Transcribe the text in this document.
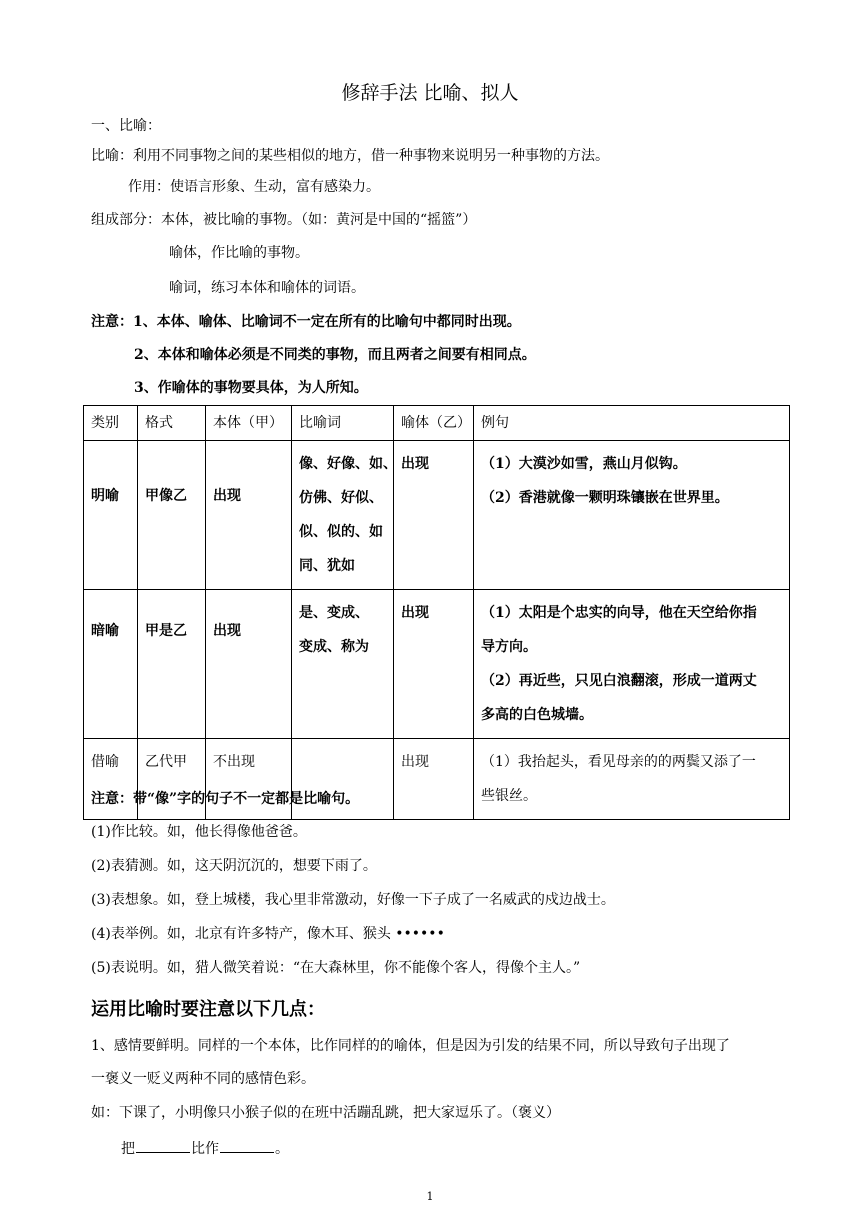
修辞手法 比喻、拟人
一、比喻：
比喻：利用不同事物之间的某些相似的地方，借一种事物来说明另一种事物的方法。
作用：使语言形象、生动，富有感染力。
组成部分：本体，被比喻的事物。（如：黄河是中国的“摇篮”）
喻体，作比喻的事物。
喻词，练习本体和喻体的词语。
注意：1、本体、喻体、比喻词不一定在所有的比喻句中都同时出现。
2、本体和喻体必须是不同类的事物，而且两者之间要有相同点。
3、作喻体的事物要具体，为人所知。
类别	格式	本体（甲）	比喻词	喻体（乙）	例句
明喻	甲像乙	出现	像、好像、如、
仿佛、好似、
似、似的、如
同、犹如	出现	（1）大漠沙如雪，燕山月似钩。
（2）香港就像一颗明珠镶嵌在世界里。

暗喻	甲是乙	出现	是、变成、
变成、称为	出现	（1）太阳是个忠实的向导，他在天空给你指
导方向。
（2）再近些，只见白浪翻滚，形成一道两丈
多高的白色城墙。

借喻	乙代甲	不出现		出现	（1）我抬起头，看见母亲的的两鬓又添了一
些银丝。
注意：带“像”字的句子不一定都是比喻句。
(1)作比较。如，他长得像他爸爸。
(2)表猜测。如，这天阴沉沉的，想要下雨了。
(3)表想象。如，登上城楼，我心里非常激动，好像一下子成了一名威武的戍边战士。
(4)表举例。如，北京有许多特产，像木耳、猴头 ••••••
(5)表说明。如，猎人微笑着说：“在大森林里，你不能像个客人，得像个主人。”
运用比喻时要注意以下几点：
1、感情要鲜明。同样的一个本体，比作同样的的喻体，但是因为引发的结果不同，所以导致句子出现了
一褒义一贬义两种不同的感情色彩。
如：下课了，小明像只小猴子似的在班中活蹦乱跳，把大家逗乐了。（褒义）
把	比作	。
1
